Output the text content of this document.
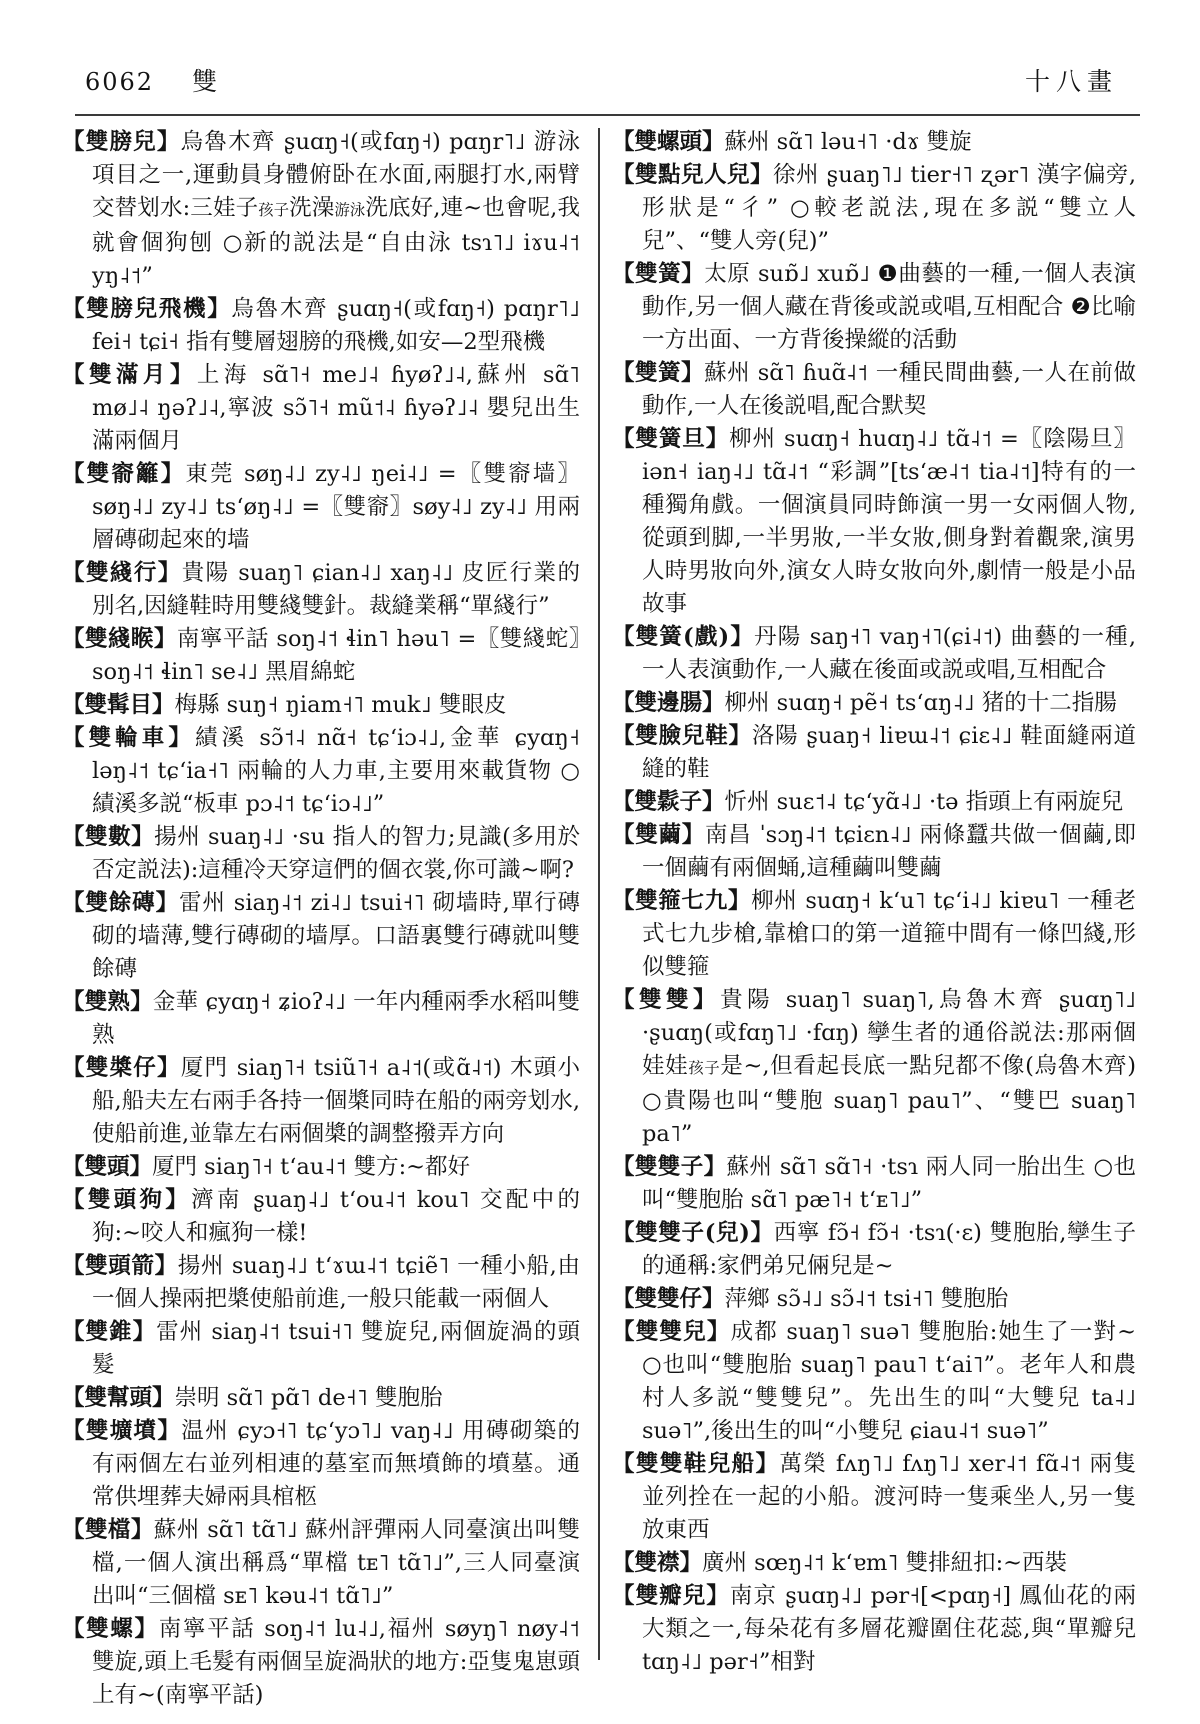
6062 雙	十八畫
【雙膀兒】烏魯木齊 ʂuɑŋ˧(或fɑŋ˧) pɑŋr˥˩ 游泳項目之一,運動員身體俯卧在水面,兩腿打水,兩臂交替划水:三娃子孩子洗澡游泳洗底好,連~也會呢,我就會個狗刨 ○新的説法是“自由泳 tsɿ˥˩ iɤu˨˦ yŋ˨˦”
【雙膀兒飛機】烏魯木齊 ʂuɑŋ˧(或fɑŋ˧) pɑŋr˥˩ fei˧ tɕi˧ 指有雙層翅膀的飛機,如安—2型飛機
【雙滿月】上海 sɑ̃˥˧ me˩˨ ɦyøʔ˩˨,蘇州 sɑ̃˥ mø˩˨ ŋəʔ˩˨,寧波 sɔ̃˥˧ mũ˦˨ ɦyəʔ˩˨ 嬰兒出生滿兩個月
【雙窬籬】東莞 søŋ˨˩ zy˨˩ ŋei˨˩ =〖雙窬墙〗søŋ˨˩ zy˨˩ tsʻøŋ˨˩ =〖雙窬〗søy˨˩ zy˨˩ 用兩層磚砌起來的墙
【雙綫行】貴陽 suaŋ˥ ɕian˨˩ xaŋ˨˩ 皮匠行業的別名,因縫鞋時用雙綫雙針。裁縫業稱“單綫行”
【雙綫睺】南寧平話 soŋ˨˦ ɬin˥ həu˥ =〖雙綫蛇〗soŋ˨˦ ɬin˥ se˨˩ 黑眉綿蛇
【雙髯目】梅縣 suŋ˧ ŋiam˧˥ muk˩ 雙眼皮
【雙輪車】績溪 sɔ̃˦˨ nɑ̃˧ tɕʻiɔ˨˩,金華 ɕyɑŋ˧ ləŋ˨˦ tɕʻia˧˥ 兩輪的人力車,主要用來載貨物 ○績溪多説“板車 pɔ˨˦ tɕʻiɔ˨˩”
【雙數】揚州 suaŋ˨˩ ·su 指人的智力;見識(多用於否定説法):這種冷天穿這們的個衣裳,你可識~啊?
【雙餘磚】雷州 siaŋ˨˦ zi˨˩ tsui˧˥ 砌墙時,單行磚砌的墙薄,雙行磚砌的墙厚。口語裏雙行磚就叫雙餘磚
【雙熟】金華 ɕyɑŋ˧ ʑioʔ˨˩ 一年内種兩季水稻叫雙熟
【雙槳仔】厦門 siaŋ˥˧ tsiũ˥˧ a˨˦(或ɑ̃˨˦) 木頭小船,船夫左右兩手各持一個槳同時在船的兩旁划水,使船前進,並靠左右兩個槳的調整撥弄方向
【雙頭】厦門 siaŋ˥˧ tʻau˨˦ 雙方:~都好
【雙頭狗】濟南 ʂuaŋ˨˩ tʻou˨˦ kou˥ 交配中的狗:~咬人和瘋狗一樣!
【雙頭箭】揚州 suaŋ˨˩ tʻɤɯ˨˦ tɕiẽ˥ 一種小船,由一個人操兩把槳使船前進,一般只能載一兩個人
【雙錐】雷州 siaŋ˨˦ tsui˧˥ 雙旋兒,兩個旋渦的頭髮
【雙幫頭】崇明 sɑ̃˥ pɑ̃˥ de˧˥ 雙胞胎
【雙壙墳】温州 ɕyɔ˧˥ tɕʻyɔ˥˩ vaŋ˨˩ 用磚砌築的有兩個左右並列相連的墓室而無墳飾的墳墓。通常供埋葬夫婦兩具棺柩
【雙檔】蘇州 sɑ̃˥ tɑ̃˥˩ 蘇州評彈兩人同臺演出叫雙檔,一個人演出稱爲“單檔 tᴇ˥ tɑ̃˥˩”,三人同臺演出叫“三個檔 sᴇ˥ kəu˨˦ tɑ̃˥˩”
【雙螺】南寧平話 soŋ˨˦ lu˨˩,福州 søyŋ˥ nøy˨˦ 雙旋,頭上毛髮有兩個呈旋渦狀的地方:亞隻鬼崽頭上有~(南寧平話)
【雙螺頭】蘇州 sɑ̃˥ ləu˧˥ ·dɤ 雙旋
【雙點兒人兒】徐州 ʂuaŋ˥˩ tier˧˥ ʐər˥ 漢字偏旁,形狀是“彳” ○較老説法,現在多説“雙立人兒”、“雙人旁(兒)”
【雙簧】太原 suɒ̃˩ xuɒ̃˩ ❶曲藝的一種,一個人表演動作,另一個人藏在背後或説或唱,互相配合 ❷比喻一方出面、一方背後操縱的活動
【雙簧】蘇州 sɑ̃˥ ɦuɑ̃˨˦ 一種民間曲藝,一人在前做動作,一人在後説唱,配合默契
【雙簧旦】柳州 suɑŋ˧ huɑŋ˨˩ tɑ̃˨˦ =〖陰陽旦〗iən˧ iaŋ˨˩ tɑ̃˨˦ “彩調”[tsʻæ˨˦ tia˨˦]特有的一種獨角戲。一個演員同時飾演一男一女兩個人物,從頭到脚,一半男妝,一半女妝,側身對着觀衆,演男人時男妝向外,演女人時女妝向外,劇情一般是小品故事
【雙簧(戲)】丹陽 saŋ˧˥ vaŋ˧˥(ɕi˨˦) 曲藝的一種,一人表演動作,一人藏在後面或説或唱,互相配合
【雙邊腸】柳州 suɑŋ˧ pẽ˧ tsʻɑŋ˨˩ 猪的十二指腸
【雙臉兒鞋】洛陽 ʂuaŋ˧ liɐɯ˨˦ ɕiɛ˨˩ 鞋面縫兩道縫的鞋
【雙鬏子】忻州 suɛ˦˨ tɕʻyɑ̃˨˩ ·tə 指頭上有兩旋兒
【雙繭】南昌 ˈsɔŋ˨˦ tɕiɛn˨˩ 兩條蠶共做一個繭,即一個繭有兩個蛹,這種繭叫雙繭
【雙箍七九】柳州 suɑŋ˧ kʻu˥ tɕʻi˨˩ kiɐu˥ 一種老式七九步槍,靠槍口的第一道箍中間有一條凹綫,形似雙箍
【雙雙】貴陽 suaŋ˥ suaŋ˥,烏魯木齊 ʂuɑŋ˥˩ ·ʂuɑŋ(或fɑŋ˥˩ ·fɑŋ) 孿生者的通俗説法:那兩個娃娃孩子是~,但看起長底一點兒都不像(烏魯木齊) ○貴陽也叫“雙胞 suaŋ˥ pau˥”、“雙巴 suaŋ˥ pa˥”
【雙雙子】蘇州 sɑ̃˥ sɑ̃˥˧ ·tsɿ 兩人同一胎出生 ○也叫“雙胞胎 sɑ̃˥ pæ˥˧ tʻᴇ˥˩”
【雙雙子(兒)】西寧 fɔ̃˧ fɔ̃˧ ·tsɿ(·ɛ) 雙胞胎,孿生子的通稱:家們弟兄倆兒是~
【雙雙仔】萍鄉 sɔ̃˨˩ sɔ̃˨˦ tsi˧˥ 雙胞胎
【雙雙兒】成都 suaŋ˥ suə˥ 雙胞胎:她生了一對~ ○也叫“雙胞胎 suaŋ˥ pau˥ tʻai˥”。老年人和農村人多説“雙雙兒”。先出生的叫“大雙兒 ta˨˩ suə˥”,後出生的叫“小雙兒 ɕiau˨˦ suə˥”
【雙雙鞋兒船】萬榮 fʌŋ˥˩ fʌŋ˥˩ xer˨˦ fɑ̃˨˦ 兩隻並列拴在一起的小船。渡河時一隻乘坐人,另一隻放東西
【雙襟】廣州 sœŋ˨˦ kʻɐm˥ 雙排紐扣:~西裝
【雙瓣兒】南京 ʂuɑŋ˨˩ pər˧[<pɑŋ˧] 鳳仙花的兩大類之一,每朵花有多層花瓣圍住花蕊,與“單瓣兒 tɑŋ˨˩ pər˧”相對
